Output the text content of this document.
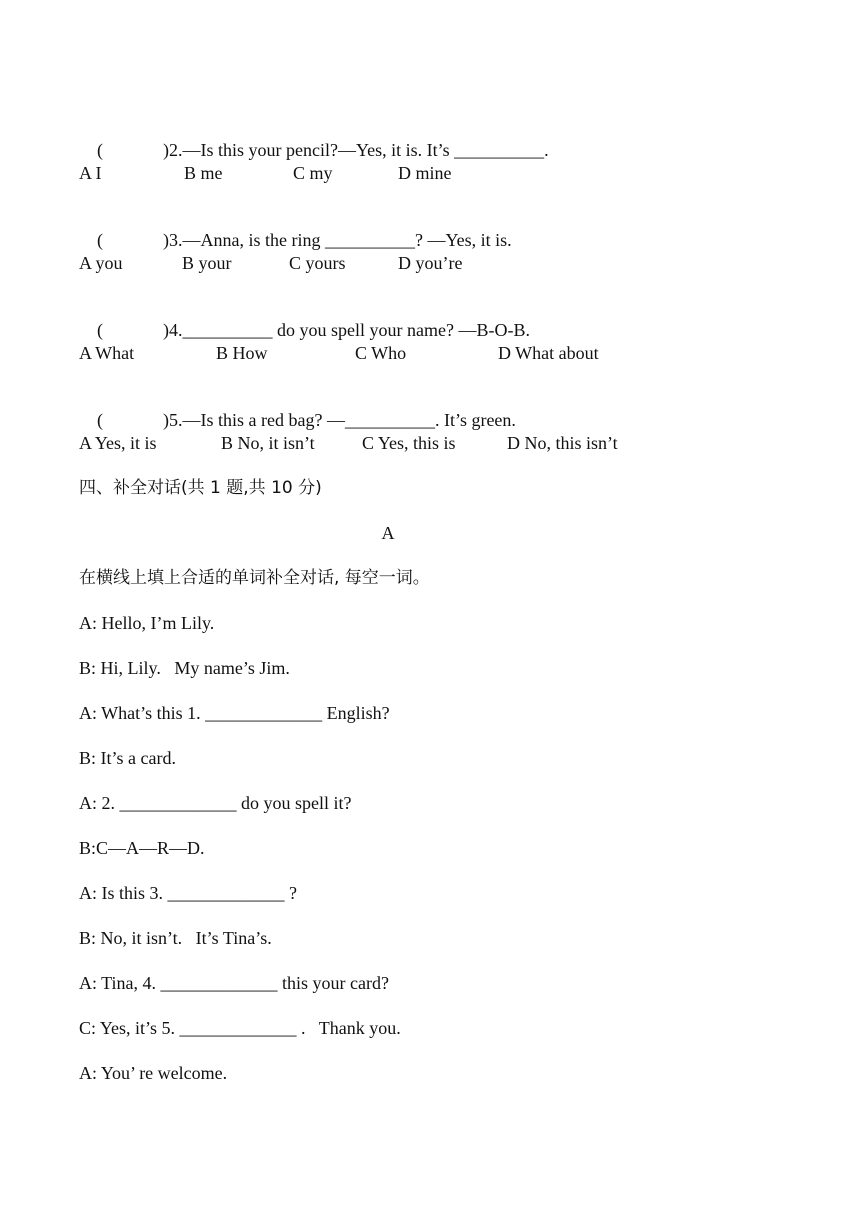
(	)2.—Is this your pencil?—Yes, it is. It’s __________.

A I	B me	C my	D mine

(	)3.—Anna, is the ring __________? —Yes, it is.

A you	B your	C yours	D you’re

(	)4.__________ do you spell your name? —B-O-B.

A What	B How	C Who	D What about

(	)5.—Is this a red bag? —__________. It’s green.

A Yes, it is	B No, it isn’t	C Yes, this is	D No, this isn’t
四、补全对话(共 1 题,共 10 分)
A
在横线上填上合适的单词补全对话, 每空一词。
A: Hello, I’m Lily.
B: Hi, Lily.   My name’s Jim.
A: What’s this 1. _____________ English?
B: It’s a card.
A: 2. _____________ do you spell it?
B:C—A—R—D.
A: Is this 3. _____________ ?
B: No, it isn’t.   It’s Tina’s.
A: Tina, 4. _____________ this your card?
C: Yes, it’s 5. _____________ .   Thank you.
A: You’ re welcome.
